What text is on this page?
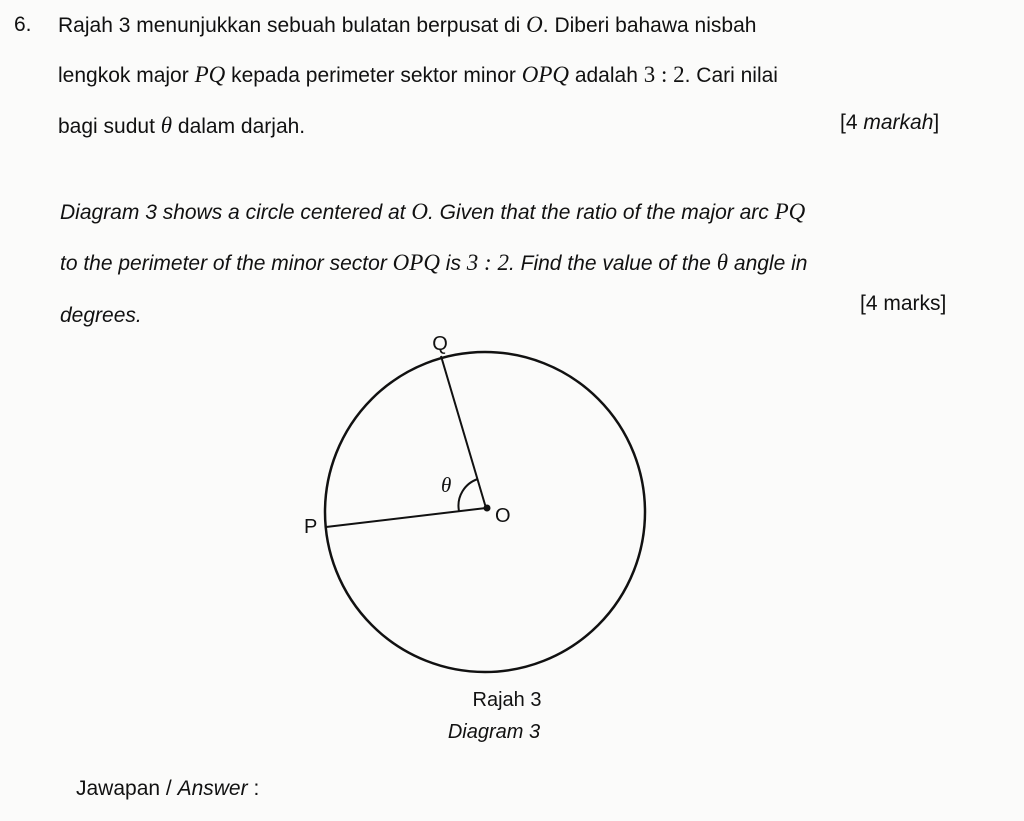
6. Rajah 3 menunjukkan sebuah bulatan berpusat di O. Diberi bahawa nisbah
lengkok major PQ kepada perimeter sektor minor OPQ adalah 3 : 2. Cari nilai
bagi sudut θ dalam darjah.	[4 markah]
Diagram 3 shows a circle centered at O. Given that the ratio of the major arc PQ
to the perimeter of the minor sector OPQ is 3 : 2. Find the value of the θ angle in
degrees.
[4 marks]
Q
P	O
θ
Rajah 3
Diagram 3
Jawapan / Answer :
